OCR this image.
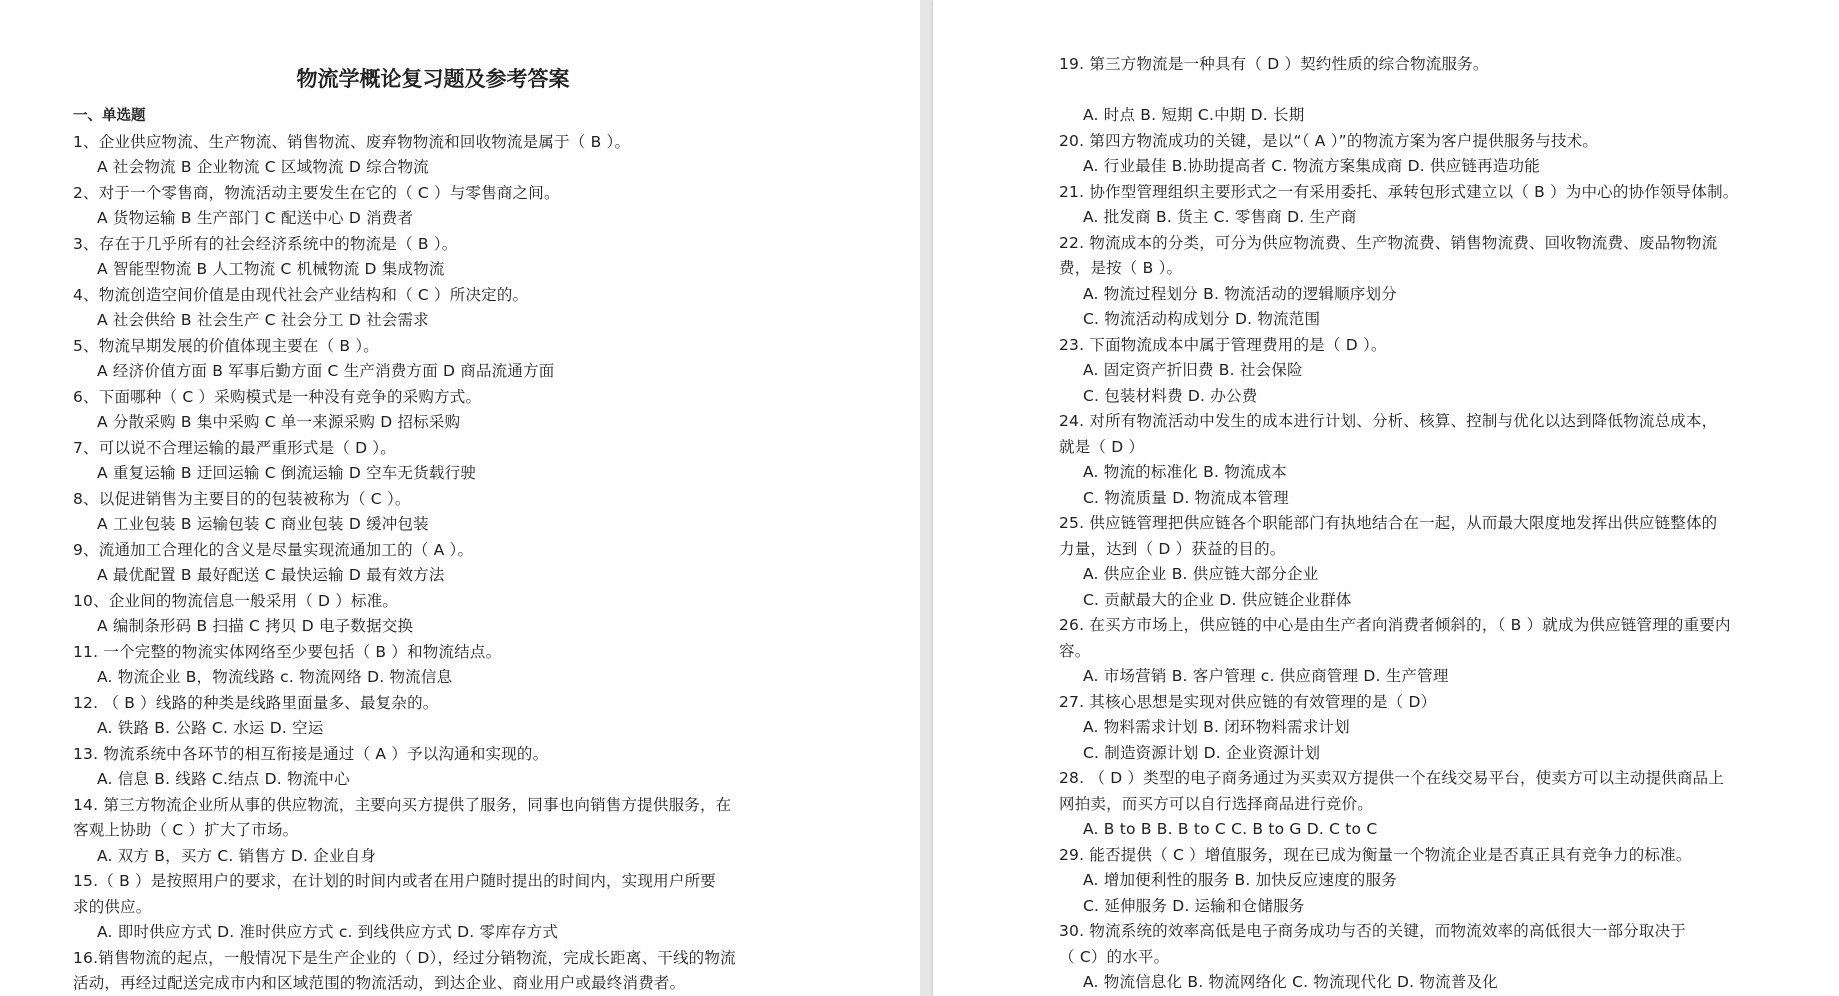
物流学概论复习题及参考答案
一、单选题
1、企业供应物流、生产物流、销售物流、废弃物物流和回收物流是属于（ B ）。
A 社会物流 B 企业物流 C 区域物流 D 综合物流
2、对于一个零售商，物流活动主要发生在它的（ C ）与零售商之间。
A 货物运输 B 生产部门 C 配送中心 D 消费者
3、存在于几乎所有的社会经济系统中的物流是（ B ）。
A 智能型物流 B 人工物流 C 机械物流 D 集成物流
4、物流创造空间价值是由现代社会产业结构和（ C ）所决定的。
A 社会供给 B 社会生产 C 社会分工 D 社会需求
5、物流早期发展的价值体现主要在（ B ）。
A 经济价值方面 B 军事后勤方面 C 生产消费方面 D 商品流通方面
6、下面哪种（ C ）采购模式是一种没有竞争的采购方式。
A 分散采购 B 集中采购 C 单一来源采购 D 招标采购
7、可以说不合理运输的最严重形式是（ D ）。
A 重复运输 B 迂回运输 C 倒流运输 D 空车无货载行驶
8、以促进销售为主要目的的包装被称为（ C ）。
A 工业包装 B 运输包装 C 商业包装 D 缓冲包装
9、流通加工合理化的含义是尽量实现流通加工的（ A ）。
A 最优配置 B 最好配送 C 最快运输 D 最有效方法
10、企业间的物流信息一般采用（ D ）标准。
A 编制条形码 B 扫描 C 拷贝 D 电子数据交换
11. 一个完整的物流实体网络至少要包括（ B ）和物流结点。
A. 物流企业 B，物流线路 c. 物流网络 D. 物流信息
12. （ B ）线路的种类是线路里面量多、最复杂的。
A. 铁路 B. 公路 C. 水运 D. 空运
13. 物流系统中各环节的相互衔接是通过（ A ）予以沟通和实现的。
A. 信息 B. 线路 C.结点 D. 物流中心
14. 第三方物流企业所从事的供应物流，主要向买方提供了服务，同事也向销售方提供服务，在
客观上协助（ C ）扩大了市场。
A. 双方 B，买方 C. 销售方 D. 企业自身
15.（ B ）是按照用户的要求，在计划的时间内或者在用户随时提出的时间内，实现用户所要
求的供应。
A. 即时供应方式 D. 准时供应方式 c. 到线供应方式 D. 零库存方式
16.销售物流的起点，一般情况下是生产企业的（ D），经过分销物流，完成长距离、干线的物流
活动，再经过配送完成市内和区域范围的物流活动，到达企业、商业用户或最终消费者。
19. 第三方物流是一种具有（ D ）契约性质的综合物流服务。
A. 时点 B. 短期 C.中期 D. 长期
20. 第四方物流成功的关键，是以“（ A ）”的物流方案为客户提供服务与技术。
A. 行业最佳 B.协助提高者 C. 物流方案集成商 D. 供应链再造功能
21. 协作型管理组织主要形式之一有采用委托、承转包形式建立以（ B ）为中心的协作领导体制。
A. 批发商 B. 货主 C. 零售商 D. 生产商
22. 物流成本的分类，可分为供应物流费、生产物流费、销售物流费、回收物流费、废品物物流
费，是按（ B ）。
A. 物流过程划分 B. 物流活动的逻辑顺序划分
C. 物流活动构成划分 D. 物流范围
23. 下面物流成本中属于管理费用的是（ D ）。
A. 固定资产折旧费 B. 社会保险
C. 包装材料费 D. 办公费
24. 对所有物流活动中发生的成本进行计划、分析、核算、控制与优化以达到降低物流总成本，
就是（ D ）
A. 物流的标准化 B. 物流成本
C. 物流质量 D. 物流成本管理
25. 供应链管理把供应链各个职能部门有执地结合在一起，从而最大限度地发挥出供应链整体的
力量，达到（ D ）获益的目的。
A. 供应企业 B. 供应链大部分企业
C. 贡献最大的企业 D. 供应链企业群体
26. 在买方市场上，供应链的中心是由生产者向消费者倾斜的，（ B ）就成为供应链管理的重要内
容。
A. 市场营销 B. 客户管理 c. 供应商管理 D. 生产管理
27. 其核心思想是实现对供应链的有效管理的是（ D）
A. 物料需求计划 B. 闭环物料需求计划
C. 制造资源计划 D. 企业资源计划
28. （ D ）类型的电子商务通过为买卖双方提供一个在线交易平台，使卖方可以主动提供商品上
网拍卖，而买方可以自行选择商品进行竞价。
A. B to B B. B to C C. B to G D. C to C
29. 能否提供（ C ）增值服务，现在已成为衡量一个物流企业是否真正具有竞争力的标准。
A. 增加便利性的服务 B. 加快反应速度的服务
C. 延伸服务 D. 运输和仓储服务
30. 物流系统的效率高低是电子商务成功与否的关键，而物流效率的高低很大一部分取决于
（ C）的水平。
A. 物流信息化 B. 物流网络化 C. 物流现代化 D. 物流普及化
